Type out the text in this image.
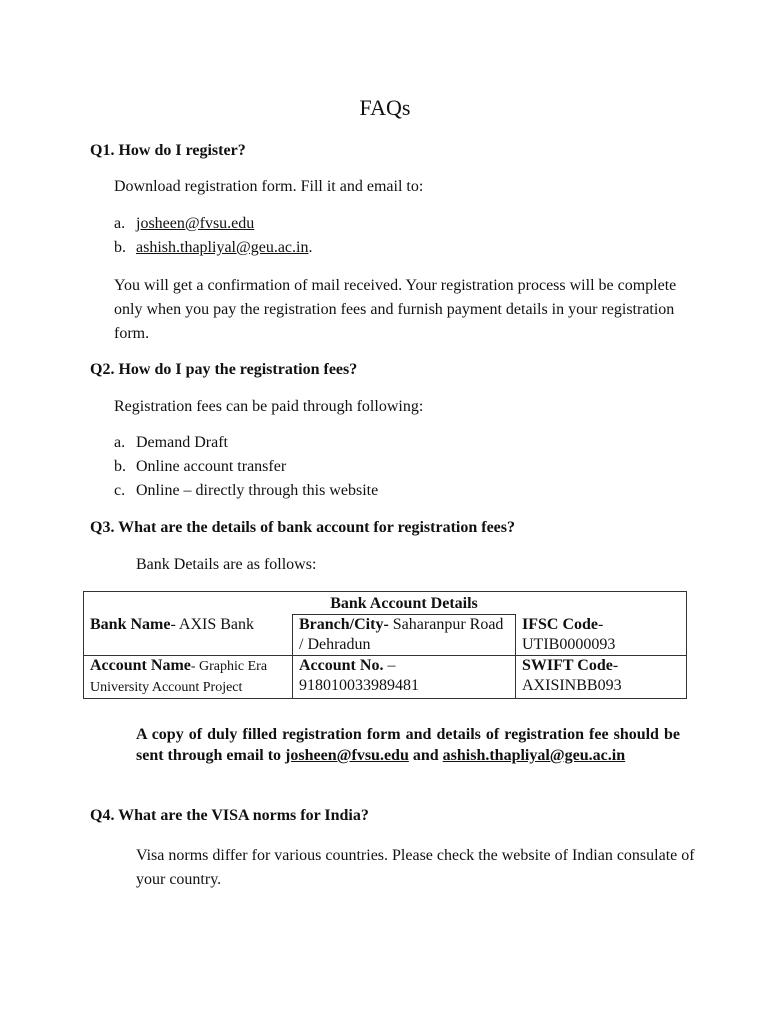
FAQs
Q1. How do I register?
Download registration form. Fill it and email to:
a. josheen@fvsu.edu
b. ashish.thapliyal@geu.ac.in.
You will get a confirmation of mail received. Your registration process will be complete only when you pay the registration fees and furnish payment details in your registration form.
Q2. How do I pay the registration fees?
Registration fees can be paid through following:
a. Demand Draft
b. Online account transfer
c. Online – directly through this website
Q3. What are the details of bank account for registration fees?
Bank Details are as follows:
	Bank Account Details	
Bank Name- AXIS Bank	Branch/City- Saharanpur Road / Dehradun	IFSC Code-UTIB0000093
Account Name- Graphic Era
University Account Project	Account No. – 918010033989481	SWIFT Code-AXISINBB093
A copy of duly filled registration form and details of registration fee should be sent through email to josheen@fvsu.edu and ashish.thapliyal@geu.ac.in
Q4. What are the VISA norms for India?
Visa norms differ for various countries. Please check the website of Indian consulate of your country.
